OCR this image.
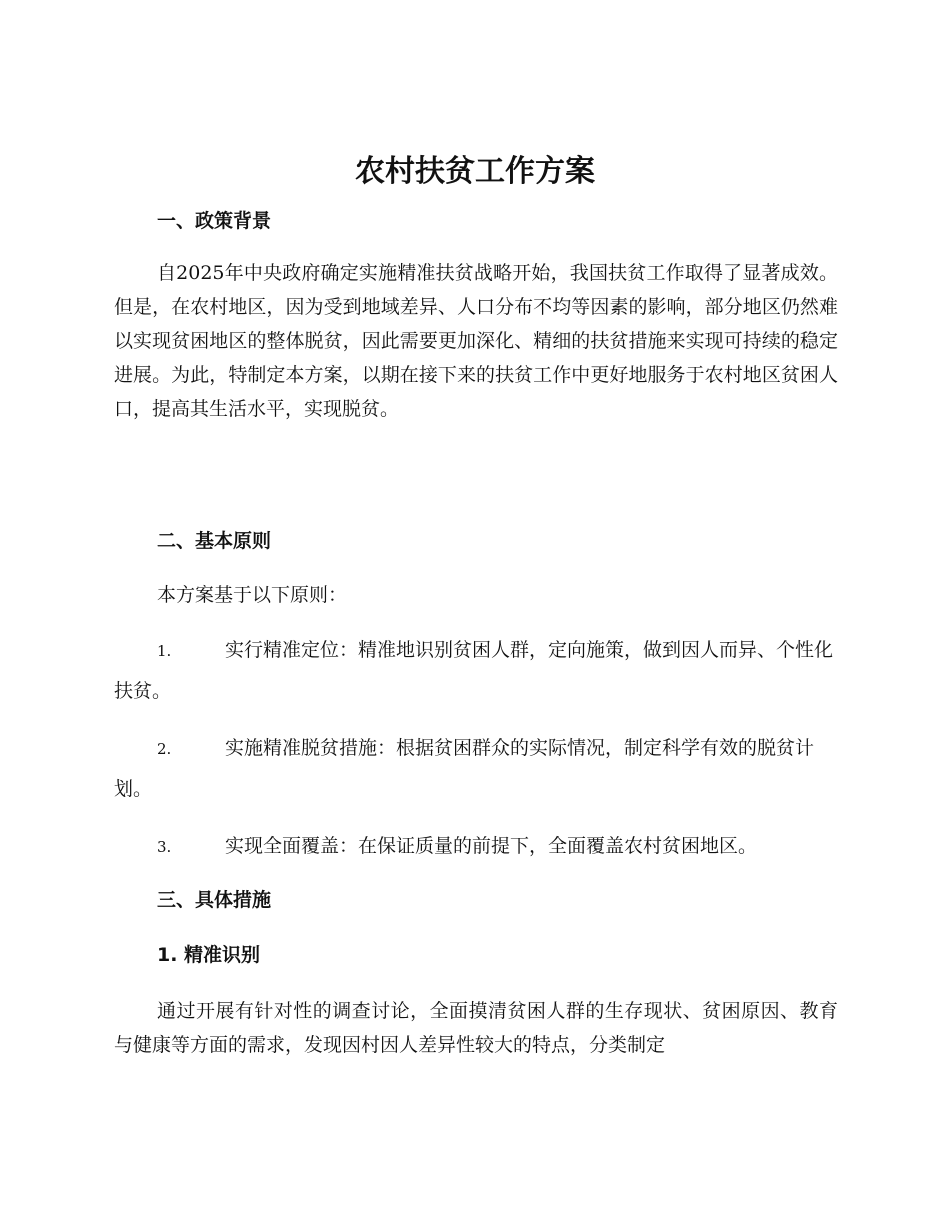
农村扶贫工作方案
一、政策背景
自2025年中央政府确定实施精准扶贫战略开始，我国扶贫工作取得了显著成效。但是，在农村地区，因为受到地域差异、人口分布不均等因素的影响，部分地区仍然难以实现贫困地区的整体脱贫，因此需要更加深化、精细的扶贫措施来实现可持续的稳定进展。为此，特制定本方案，以期在接下来的扶贫工作中更好地服务于农村地区贫困人口，提高其生活水平，实现脱贫。
二、基本原则
本方案基于以下原则：
1.	实行精准定位：精准地识别贫困人群，定向施策，做到因人而异、个性化扶贫。
2.	实施精准脱贫措施：根据贫困群众的实际情况，制定科学有效的脱贫计划。
3.	实现全面覆盖：在保证质量的前提下，全面覆盖农村贫困地区。
三、具体措施
1. 精准识别
通过开展有针对性的调查讨论，全面摸清贫困人群的生存现状、贫困原因、教育与健康等方面的需求，发现因村因人差异性较大的特点，分类制定
